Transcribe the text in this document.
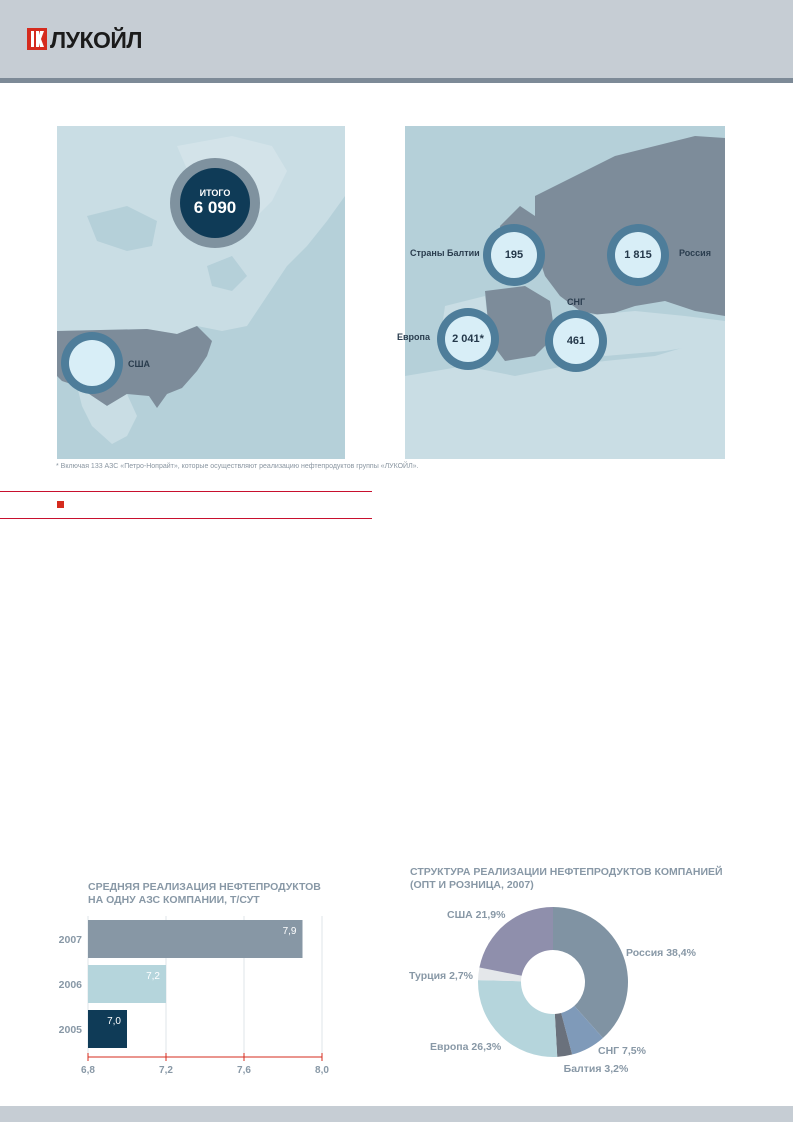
ЛУКОЙЛ
ИТОГО
6 090
США
195	1 815
2 041*	461
Страны Балтии	Россия
СНГ
Европа
* Включая 133 АЗС «Петро-Нопрайт», которые осуществляют реализацию нефтепродуктов группы «ЛУКОЙЛ».
СРЕДНЯЯ РЕАЛИЗАЦИЯ НЕФТЕПРОДУКТОВ
НА ОДНУ АЗС КОМПАНИИ, Т/СУТ
6,8	7,2	7,6	8,0
2007
7,9
2006
7,2
2005
7,0
СТРУКТУРА РЕАЛИЗАЦИИ НЕФТЕПРОДУКТОВ КОМПАНИЕЙ
(ОПТ И РОЗНИЦА, 2007)
Россия 38,4%
СНГ 7,5%
Балтия 3,2%
Европа 26,3%
Турция 2,7%
США 21,9%
